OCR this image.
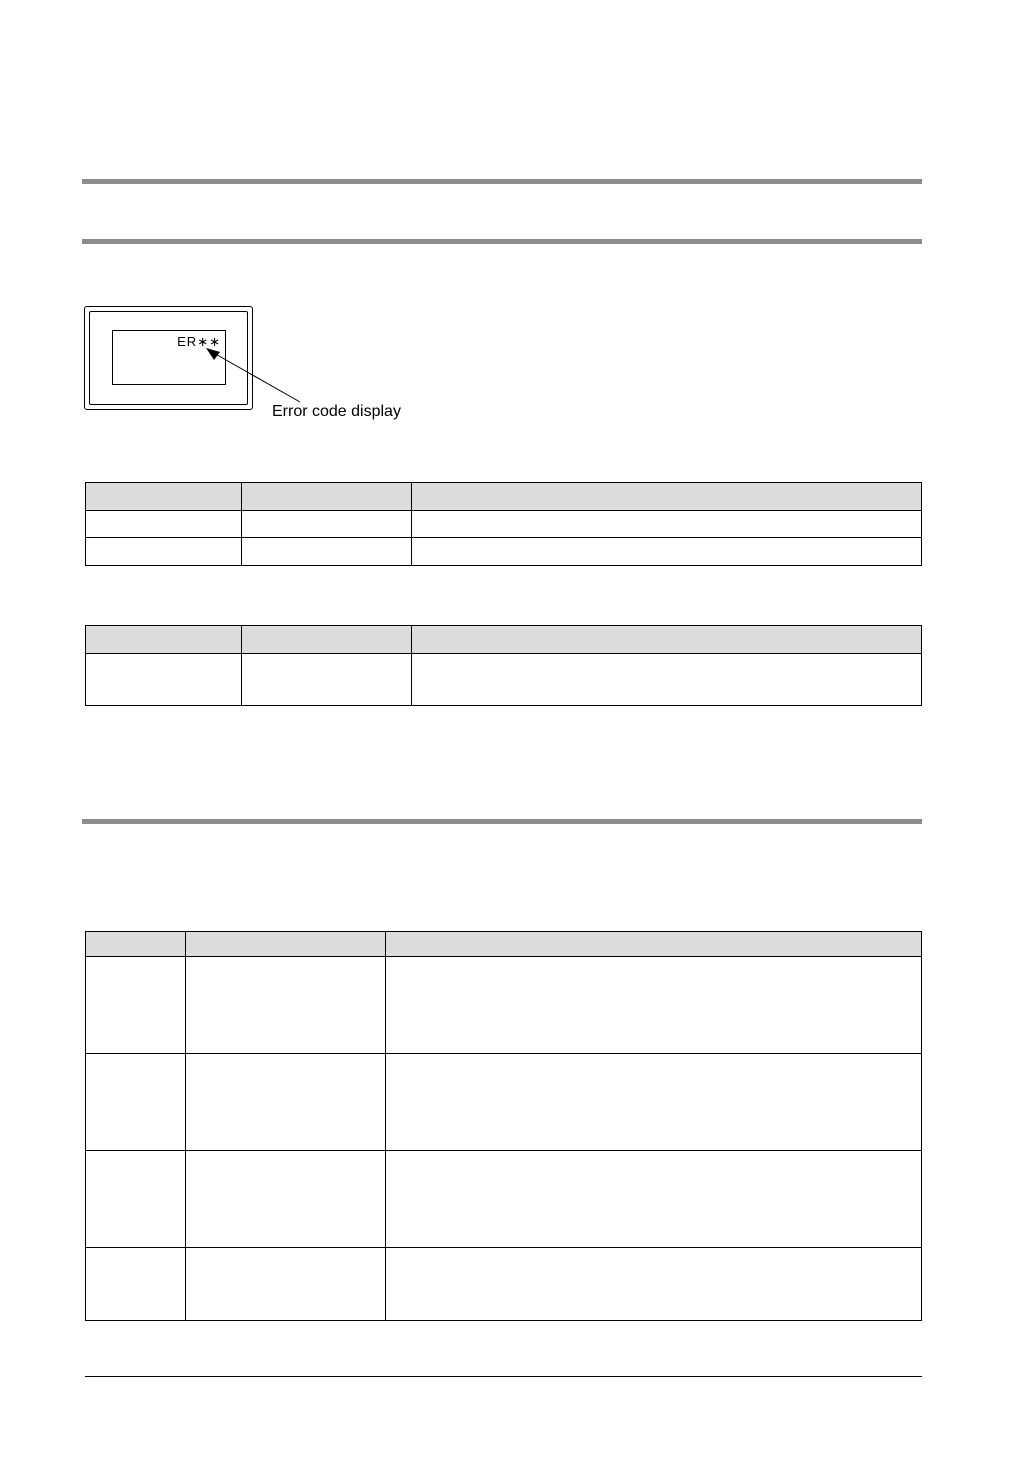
ER∗∗
Error code display
